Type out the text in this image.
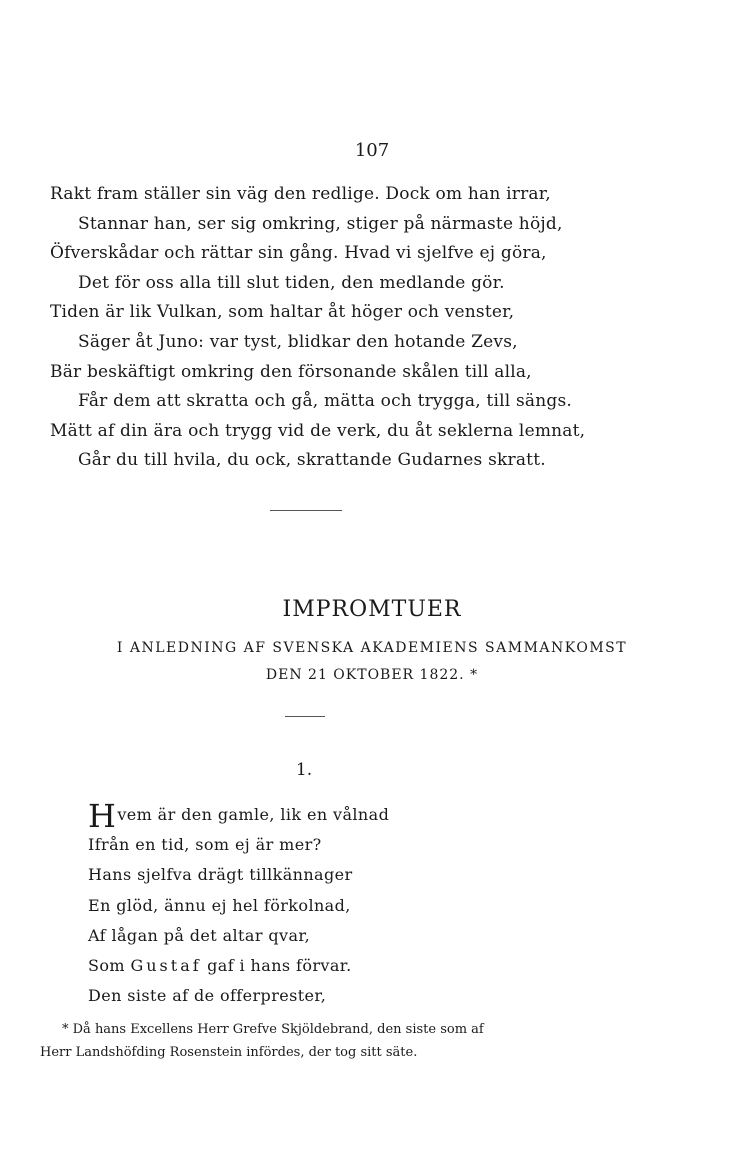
107
Rakt fram ställer sin väg den redlige. Dock om han irrar,
Stannar han, ser sig omkring, stiger på närmaste höjd,
Öfverskådar och rättar sin gång. Hvad vi sjelfve ej göra,
Det för oss alla till slut tiden, den medlande gör.
Tiden är lik Vulkan, som haltar åt höger och venster,
Säger åt Juno: var tyst, blidkar den hotande Zevs,
Bär beskäftigt omkring den försonande skålen till alla,
Får dem att skratta och gå, mätta och trygga, till sängs.
Mätt af din ära och trygg vid de verk, du åt seklerna lemnat,
Går du till hvila, du ock, skrattande Gudarnes skratt.
IMPROMTUER
I ANLEDNING AF SVENSKA AKADEMIENS SAMMANKOMST
DEN 21 OKTOBER 1822. *
1.
Hvem är den gamle, lik en vålnad
Ifrån en tid, som ej är mer?
Hans sjelfva drägt tillkännager
En glöd, ännu ej hel förkolnad,
Af lågan på det altar qvar,
Som Gustaf gaf i hans förvar.
Den siste af de offerprester,
* Då hans Excellens Herr Grefve Skjöldebrand, den siste som af
Herr Landshöfding Rosenstein infördes, der tog sitt säte.
